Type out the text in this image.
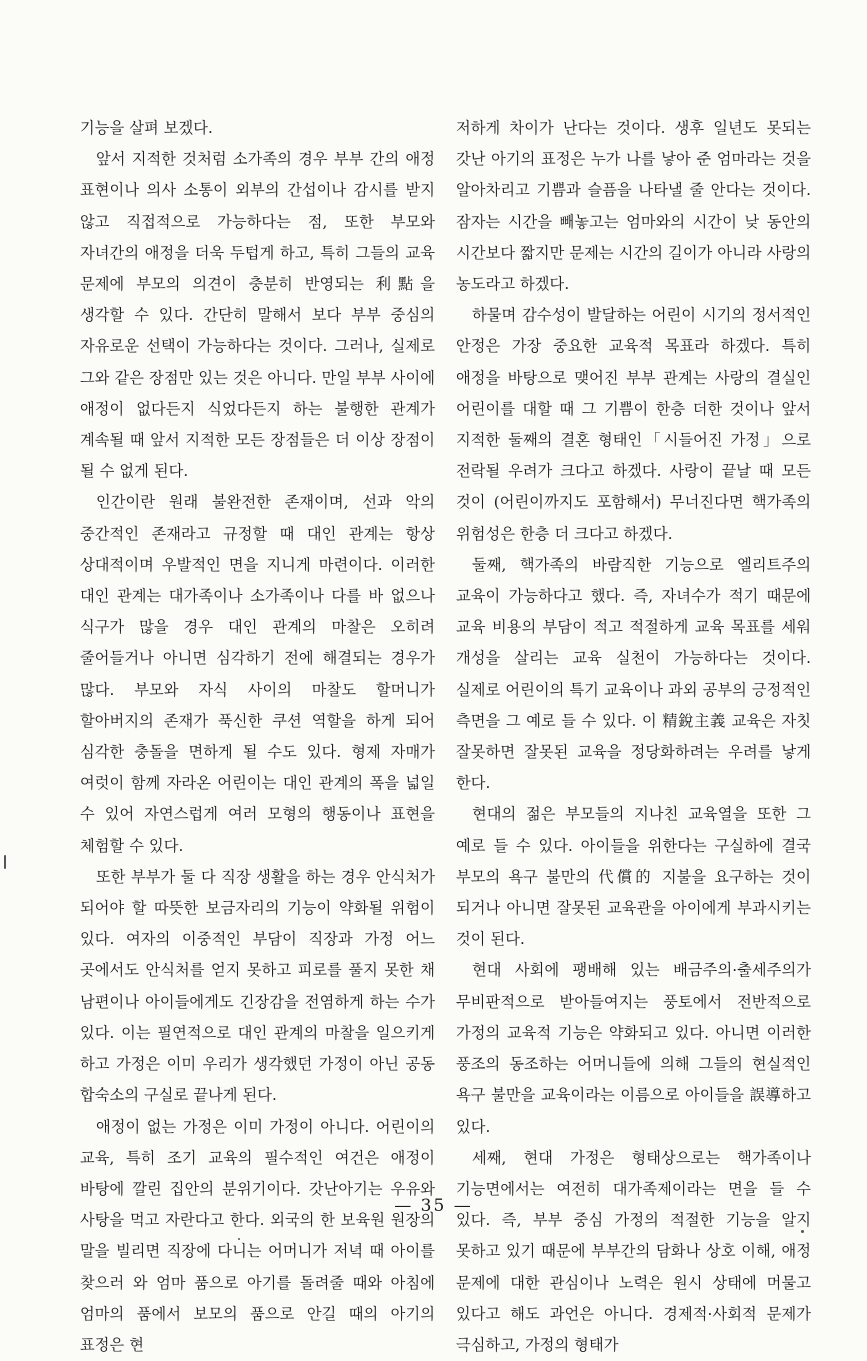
기능을 살펴 보겠다.

앞서 지적한 것처럼 소가족의 경우 부부 간의 애정 표현이나 의사 소통이 외부의 간섭이나 감시를 받지 않고 직접적으로 가능하다는 점, 또한 부모와 자녀간의 애정을 더욱 두텁게 하고, 특히 그들의 교육 문제에 부모의 의견이 충분히 반영되는 利點을 생각할 수 있다. 간단히 말해서 보다 부부 중심의 자유로운 선택이 가능하다는 것이다. 그러나, 실제로 그와 같은 장점만 있는 것은 아니다. 만일 부부 사이에 애정이 없다든지 식었다든지 하는 불행한 관계가 계속될 때 앞서 지적한 모든 장점들은 더 이상 장점이 될 수 없게 된다.

인간이란 원래 불완전한 존재이며, 선과 악의 중간적인 존재라고 규정할 때 대인 관계는 항상 상대적이며 우발적인 면을 지니게 마련이다. 이러한 대인 관계는 대가족이나 소가족이나 다를 바 없으나 식구가 많을 경우 대인 관계의 마찰은 오히려 줄어들거나 아니면 심각하기 전에 해결되는 경우가 많다. 부모와 자식 사이의 마찰도 할머니가 할아버지의 존재가 푹신한 쿠션 역할을 하게 되어 심각한 충돌을 면하게 될 수도 있다. 형제 자매가 여럿이 함께 자라온 어린이는 대인 관계의 폭을 넓일 수 있어 자연스럽게 여러 모형의 행동이나 표현을 체험할 수 있다.

또한 부부가 둘 다 직장 생활을 하는 경우 안식처가 되어야 할 따뜻한 보금자리의 기능이 약화될 위험이 있다. 여자의 이중적인 부담이 직장과 가정 어느 곳에서도 안식처를 얻지 못하고 피로를 풀지 못한 채 남편이나 아이들에게도 긴장감을 전염하게 하는 수가 있다. 이는 필연적으로 대인 관계의 마찰을 일으키게 하고 가정은 이미 우리가 생각했던 가정이 아닌 공동 합숙소의 구실로 끝나게 된다.

애정이 없는 가정은 이미 가정이 아니다. 어린이의 교육, 특히 조기 교육의 필수적인 여건은 애정이 바탕에 깔린 집안의 분위기이다. 갓난아기는 우유와 사탕을 먹고 자란다고 한다. 외국의 한 보육원 원장의 말을 빌리면 직장에 다니는 어머니가 저녁 때 아이를 찾으러 와 엄마 품으로 아기를 돌려줄 때와 아침에 엄마의 품에서 보모의 품으로 안길 때의 아기의 표정은 현

저하게 차이가 난다는 것이다. 생후 일년도 못되는 갓난 아기의 표정은 누가 나를 낳아 준 엄마라는 것을 알아차리고 기쁨과 슬픔을 나타낼 줄 안다는 것이다. 잠자는 시간을 빼놓고는 엄마와의 시간이 낮 동안의 시간보다 짧지만 문제는 시간의 길이가 아니라 사랑의 농도라고 하겠다.

하물며 감수성이 발달하는 어린이 시기의 정서적인 안정은 가장 중요한 교육적 목표라 하겠다. 특히 애정을 바탕으로 맺어진 부부 관계는 사랑의 결실인 어린이를 대할 때 그 기쁨이 한층 더한 것이나 앞서 지적한 둘째의 결혼 형태인「시들어진 가정」으로 전락될 우려가 크다고 하겠다. 사랑이 끝날 때 모든 것이 (어린이까지도 포함해서) 무너진다면 핵가족의 위험성은 한층 더 크다고 하겠다.

둘째, 핵가족의 바람직한 기능으로 엘리트주의 교육이 가능하다고 했다. 즉, 자녀수가 적기 때문에 교육 비용의 부담이 적고 적절하게 교육 목표를 세워 개성을 살리는 교육 실천이 가능하다는 것이다. 실제로 어린이의 특기 교육이나 과외 공부의 긍정적인 측면을 그 예로 들 수 있다. 이 精銳主義 교육은 자칫 잘못하면 잘못된 교육을 정당화하려는 우려를 낳게 한다.

현대의 젊은 부모들의 지나친 교육열을 또한 그 예로 들 수 있다. 아이들을 위한다는 구실하에 결국 부모의 욕구 불만의 代償的 지불을 요구하는 것이 되거나 아니면 잘못된 교육관을 아이에게 부과시키는 것이 된다.

현대 사회에 팽배해 있는 배금주의·출세주의가 무비판적으로 받아들여지는 풍토에서 전반적으로 가정의 교육적 기능은 약화되고 있다. 아니면 이러한 풍조의 동조하는 어머니들에 의해 그들의 현실적인 욕구 불만을 교육이라는 이름으로 아이들을 誤導하고 있다.

세째, 현대 가정은 형태상으로는 핵가족이나 기능면에서는 여전히 대가족제이라는 면을 들 수 있다. 즉, 부부 중심 가정의 적절한 기능을 알지 못하고 있기 때문에 부부간의 담화나 상호 이해, 애정 문제에 대한 관심이나 노력은 원시 상태에 머물고 있다고 해도 과언은 아니다. 경제적·사회적 문제가 극심하고, 가정의 형태가

— 35 —
